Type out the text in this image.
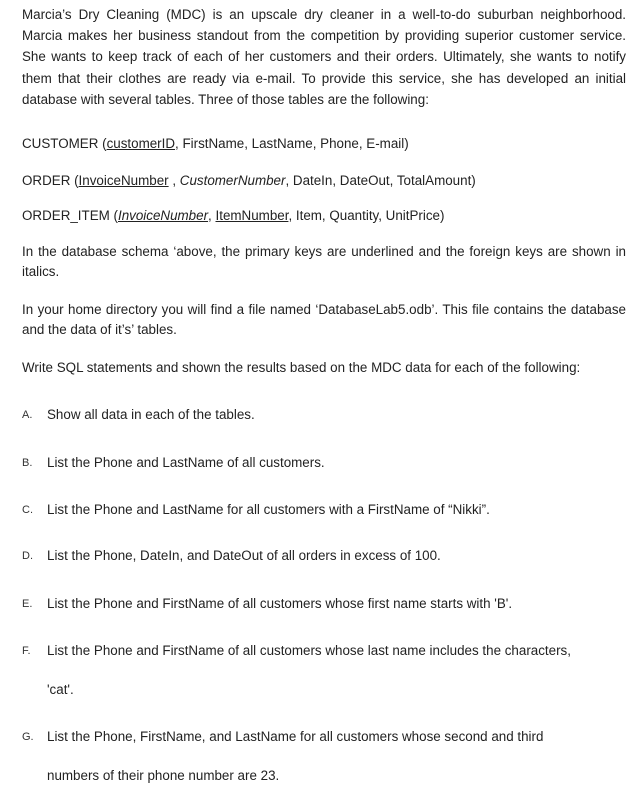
Marcia’s Dry Cleaning (MDC) is an upscale dry cleaner in a well-to-do suburban neighborhood. Marcia makes her business standout from the competition by providing superior customer service. She wants to keep track of each of her customers and their orders. Ultimately, she wants to notify them that their clothes are ready via e-mail. To provide this service, she has developed an initial database with several tables. Three of those tables are the following:

CUSTOMER (customerID, FirstName, LastName, Phone, E-mail)

ORDER (InvoiceNumber , CustomerNumber, DateIn, DateOut, TotalAmount)

ORDER_ITEM (InvoiceNumber, ItemNumber, Item, Quantity, UnitPrice)

In the database schema ‘above, the primary keys are underlined and the foreign keys are shown in italics.

In your home directory you will find a file named ‘DatabaseLab5.odb’. This file contains the database and the data of it’s’ tables.

Write SQL statements and shown the results based on the MDC data for each of the following:

A. Show all data in each of the tables.
B. List the Phone and LastName of all customers.
C. List the Phone and LastName for all customers with a FirstName of “Nikki”.
D. List the Phone, DateIn, and DateOut of all orders in excess of 100.
E. List the Phone and FirstName of all customers whose first name starts with 'B'.
F. List the Phone and FirstName of all customers whose last name includes the characters,

'cat'.

G. List the Phone, FirstName, and LastName for all customers whose second and third

numbers of their phone number are 23.
